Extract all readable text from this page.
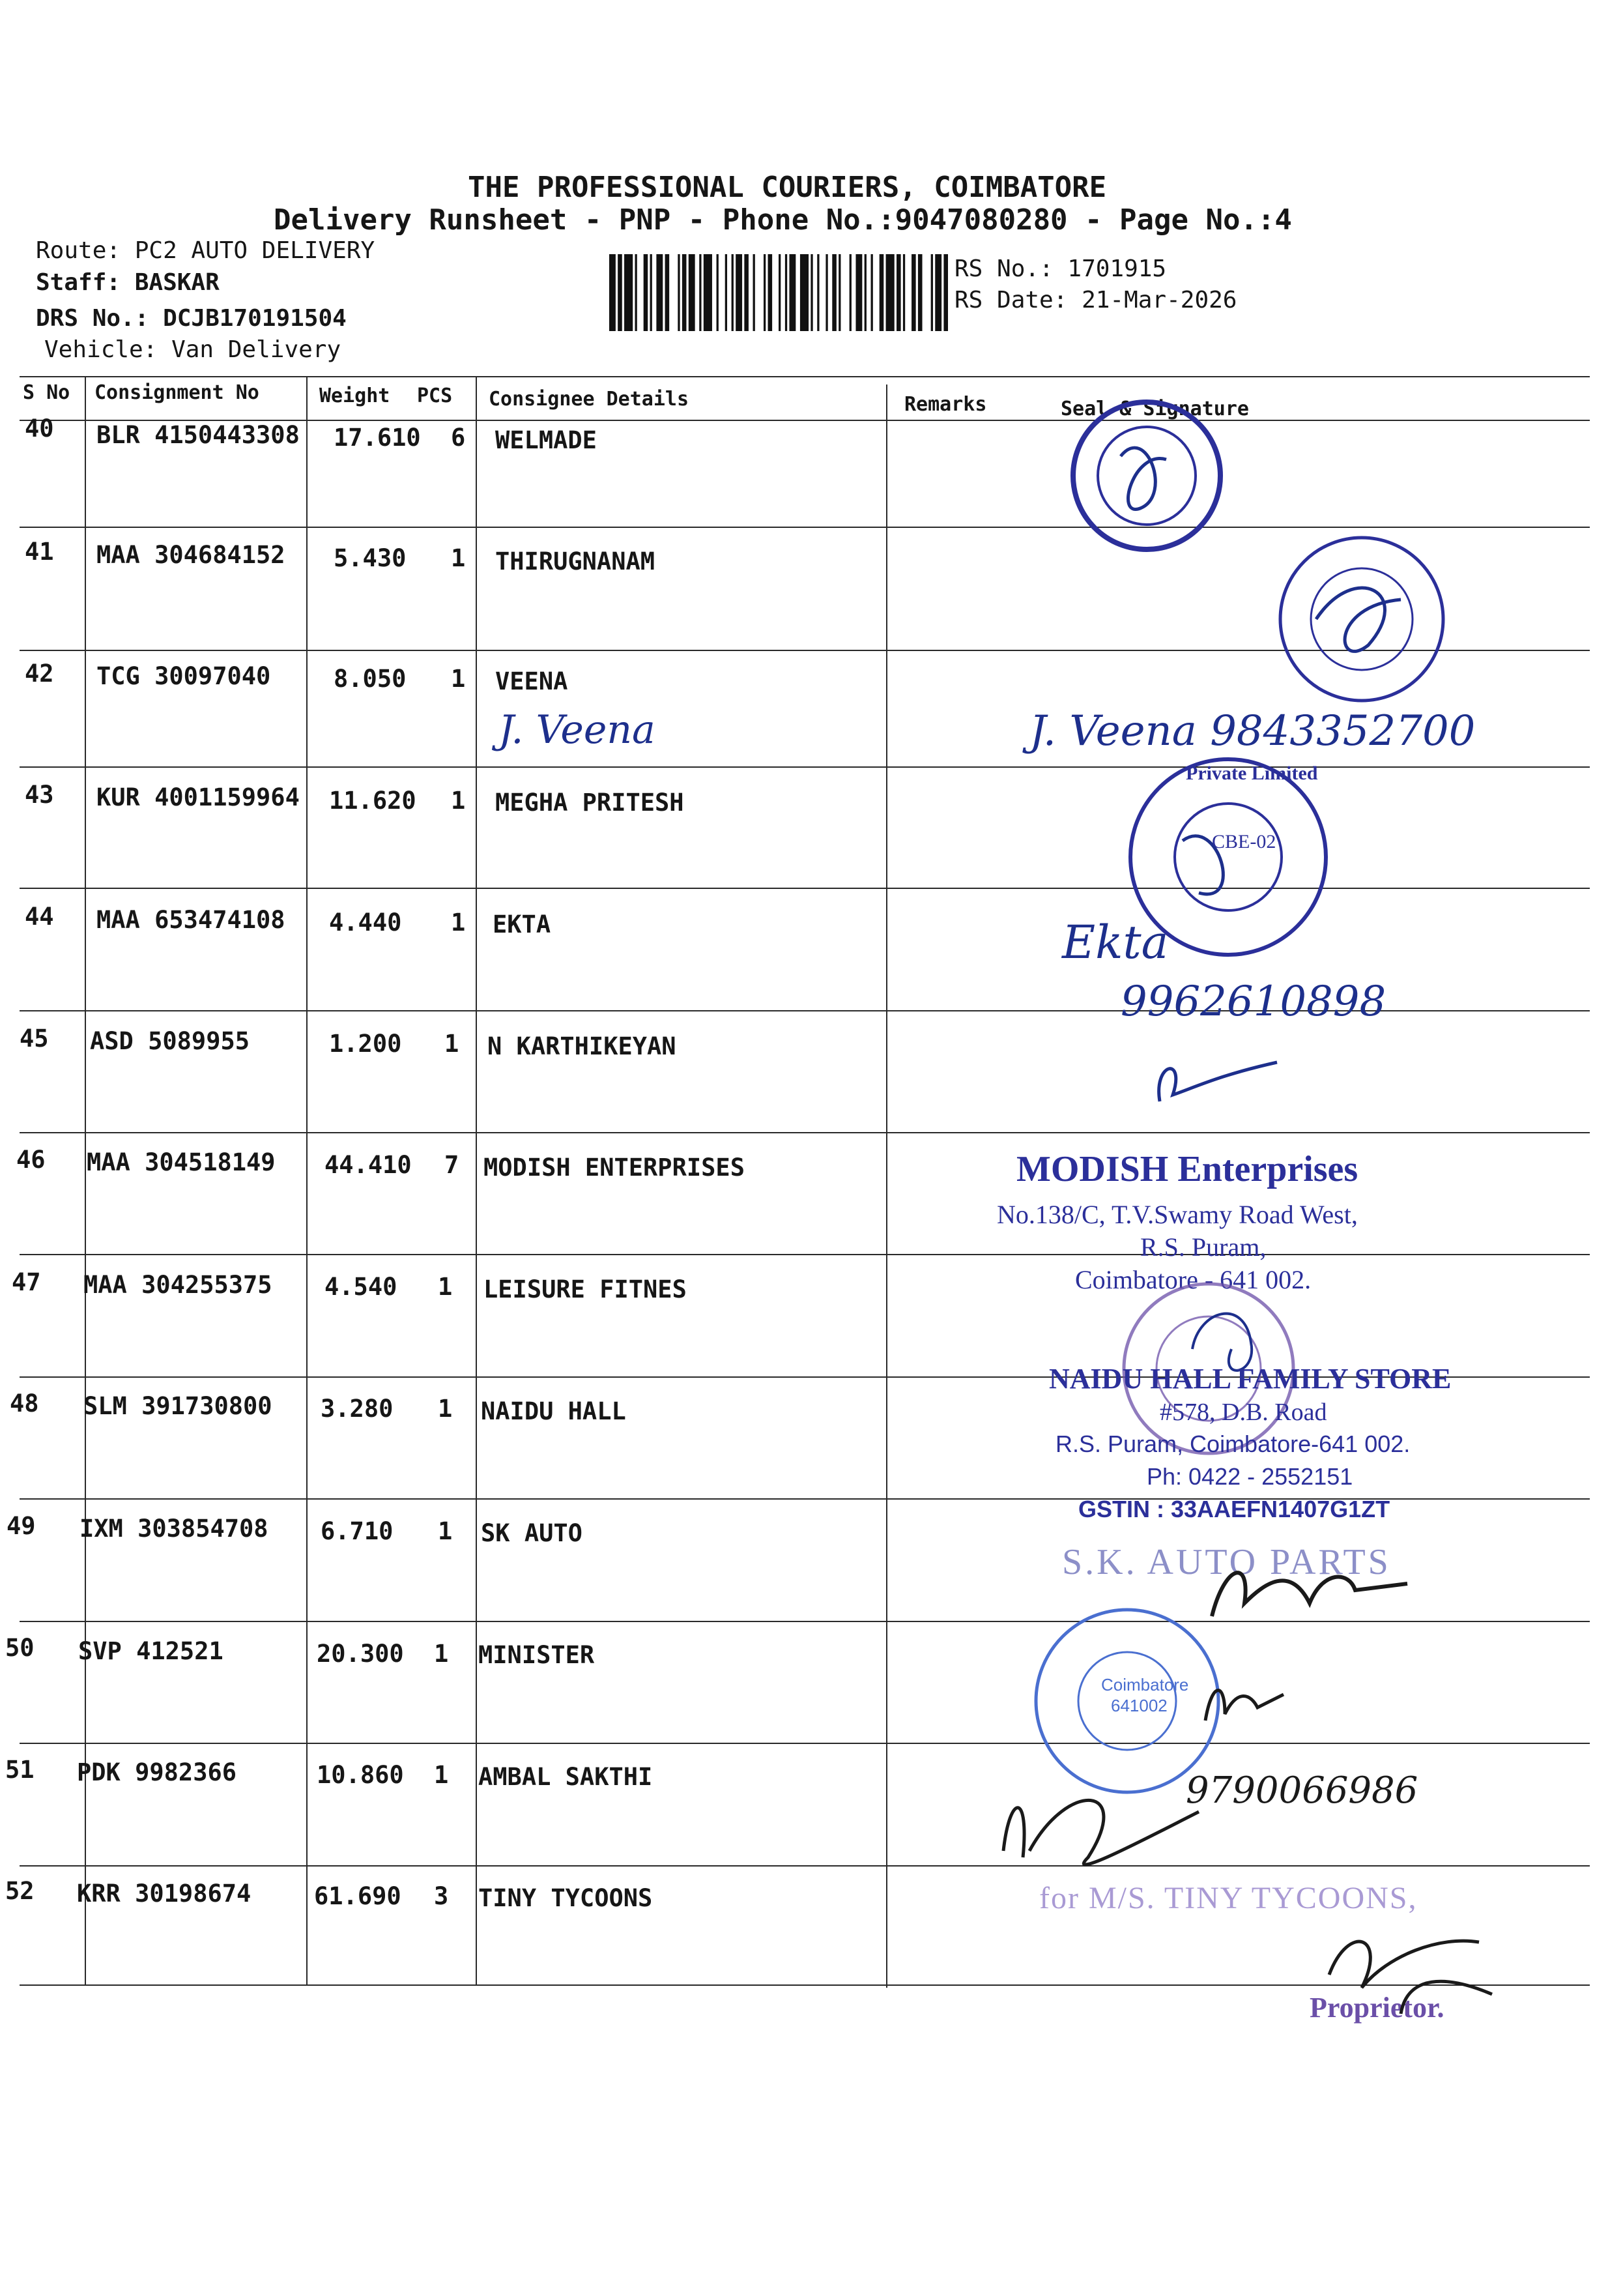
THE PROFESSIONAL COURIERS, COIMBATORE
Delivery Runsheet - PNP - Phone No.:9047080280 - Page No.:4
Route: PC2 AUTO DELIVERY
Staff: BASKAR
DRS No.: DCJB170191504
Vehicle: Van Delivery
RS No.: 1701915
RS Date: 21-Mar-2026
S No Consignment No	Weight PCS Consignee Details	Remarks	Seal & Signature
40 BLR 4150443308 17.610 6 WELMADE
41 MAA 304684152 5.430 1 THIRUGNANAM
42 TCG 30097040	8.050 1 VEENA
43 KUR 4001159964 11.620 1 MEGHA PRITESH
44 MAA 653474108 4.440 1 EKTA
45 ASD 5089955	1.200 1 N KARTHIKEYAN
46 MAA 304518149 44.410 7 MODISH ENTERPRISES
47 MAA 304255375 4.540 1 LEISURE FITNES
48 SLM 391730800 3.280 1 NAIDU HALL
49 IXM 303854708 6.710 1 SK AUTO
50 SVP 412521	20.300 1 MINISTER
51 PDK 9982366	10.860 1 AMBAL SAKTHI
52 KRR 30198674	61.690 3 TINY TYCOONS
J. Veena	J. Veena 9843352700
Private Limited
CBE-02
Ekta
9962610898
MODISH Enterprises
No.138/C, T.V.Swamy Road West,
R.S. Puram,
Coimbatore - 641 002.
NAIDU HALL FAMILY STORE
#578, D.B. Road
R.S. Puram, Coimbatore-641 002.
Ph: 0422 - 2552151
GSTIN : 33AAEFN1407G1ZT
S.K. AUTO PARTS
Coimbatore
641002
9790066986
for M/S. TINY TYCOONS,
Proprietor.
